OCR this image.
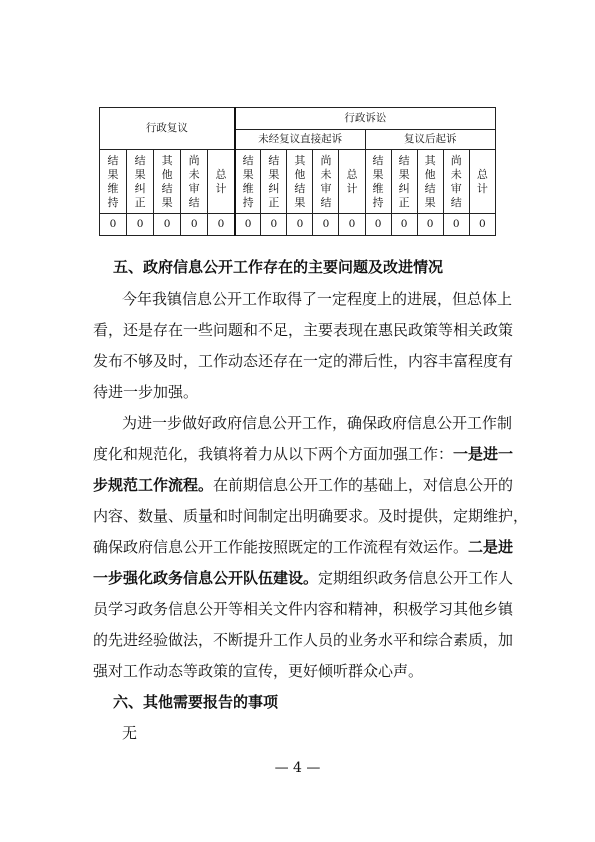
行政复议					行政诉讼									
					未经复议直接起诉					复议后起诉				
结果维持	结果纠正	其他结果	尚未审结	总计	结果维持	结果纠正	其他结果	尚未审结	总计	结果维持	结果纠正	其他结果	尚未审结	总计
0	0	0	0	0	0	0	0	0	0	0	0	0	0	0

五、政府信息公开工作存在的主要问题及改进情况

今年我镇信息公开工作取得了一定程度上的进展，但总体上

看，还是存在一些问题和不足，主要表现在惠民政策等相关政策

发布不够及时，工作动态还存在一定的滞后性，内容丰富程度有

待进一步加强。

为进一步做好政府信息公开工作，确保政府信息公开工作制

度化和规范化，我镇将着力从以下两个方面加强工作：一是进一

步规范工作流程。在前期信息公开工作的基础上，对信息公开的

内容、数量、质量和时间制定出明确要求。及时提供，定期维护，

确保政府信息公开工作能按照既定的工作流程有效运作。二是进

一步强化政务信息公开队伍建设。定期组织政务信息公开工作人

员学习政务信息公开等相关文件内容和精神，积极学习其他乡镇

的先进经验做法，不断提升工作人员的业务水平和综合素质，加

强对工作动态等政策的宣传，更好倾听群众心声。

六、其他需要报告的事项

无

— 4 —
